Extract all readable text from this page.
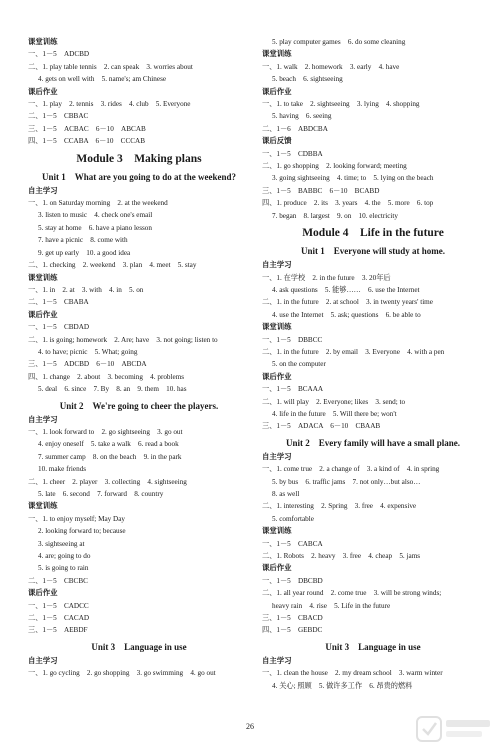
课堂训练
一、1－5　ADCBD
二、1. play table tennis　2. can speak　3. worries about
4. gets on well with　5. name's; am Chinese
课后作业
一、1. play　2. tennis　3. rides　4. club　5. Everyone
二、1－5　CBBAC
三、1－5　ACBAC　6－10　ABCAB
四、1－5　CCABA　6－10　CCCAB
Module 3　Making plans
Unit 1　What are you going to do at the weekend?
自主学习
一、1. on Saturday morning　2. at the weekend
3. listen to music　4. check one's email
5. stay at home　6. have a piano lesson
7. have a picnic　8. come with
9. get up early　10. a good idea
二、1. checking　2. weekend　3. plan　4. meet　5. stay
课堂训练
一、1. in　2. at　3. with　4. in　5. on
二、1－5　CBABA
课后作业
一、1－5　CBDAD
二、1. is going; homework　2. Are; have　3. not going; listen to
4. to have; picnic　5. What; going
三、1－5　ADCBD　6－10　ABCDA
四、1. change　2. about　3. becoming　4. problems
5. deal　6. since　7. By　8. an　9. them　10. has
Unit 2　We're going to cheer the players.
自主学习
一、1. look forward to　2. go sightseeing　3. go out
4. enjoy oneself　5. take a walk　6. read a book
7. summer camp　8. on the beach　9. in the park
10. make friends
二、1. cheer　2. player　3. collecting　4. sightseeing
5. late　6. second　7. forward　8. country
课堂训练
一、1. to enjoy myself; May Day
2. looking forward to; because
3. sightseeing at
4. are; going to do
5. is going to rain
二、1－5　CBCBC
课后作业
一、1－5　CADCC
二、1－5　CACAD
三、1－5　AEBDF
Unit 3　Language in use
自主学习
一、1. go cycling　2. go shopping　3. go swimming　4. go out
5. play computer games　6. do some cleaning
课堂训练
一、1. walk　2. homework　3. early　4. have
5. beach　6. sightseeing
课后作业
一、1. to take　2. sightseeing　3. lying　4. shopping
5. having　6. seeing
二、1－6　ABDCBA
课后反馈
一、1－5　CDBBA
二、1. go shopping　2. looking forward; meeting
3. going sightseeing　4. time; to　5. lying on the beach
三、1－5　BABBC　6－10　BCABD
四、1. produce　2. its　3. years　4. the　5. more　6. top
7. began　8. largest　9. on　10. electricity
Module 4　Life in the future
Unit 1　Everyone will study at home.
自主学习
一、1. 在学校　2. in the future　3. 20年后
4. ask questions　5. 能够……　6. use the Internet
二、1. in the future　2. at school　3. in twenty years' time
4. use the Internet　5. ask; questions　6. be able to
课堂训练
一、1－5　DBBCC
二、1. in the future　2. by email　3. Everyone　4. with a pen
5. on the computer
课后作业
一、1－5　BCAAA
二、1. will play　2. Everyone; likes　3. send; to
4. life in the future　5. Will there be; won't
三、1－5　ADACA　6－10　CBAAB
Unit 2　Every family will have a small plane.
自主学习
一、1. come true　2. a change of　3. a kind of　4. in spring
5. by bus　6. traffic jams　7. not only…but also…
8. as well
二、1. interesting　2. Spring　3. free　4. expensive
5. comfortable
课堂训练
一、1－5　CABCA
二、1. Robots　2. heavy　3. free　4. cheap　5. jams
课后作业
一、1－5　DBCBD
二、1. all year round　2. come true　3. will be strong winds;
heavy rain　4. rise　5. Life in the future
三、1－5　CBACD
四、1－5　GEBDC
Unit 3　Language in use
自主学习
一、1. clean the house　2. my dream school　3. warm winter
4. 关心; 照顾　5. 做许多工作　6. 昂贵的燃料
26
